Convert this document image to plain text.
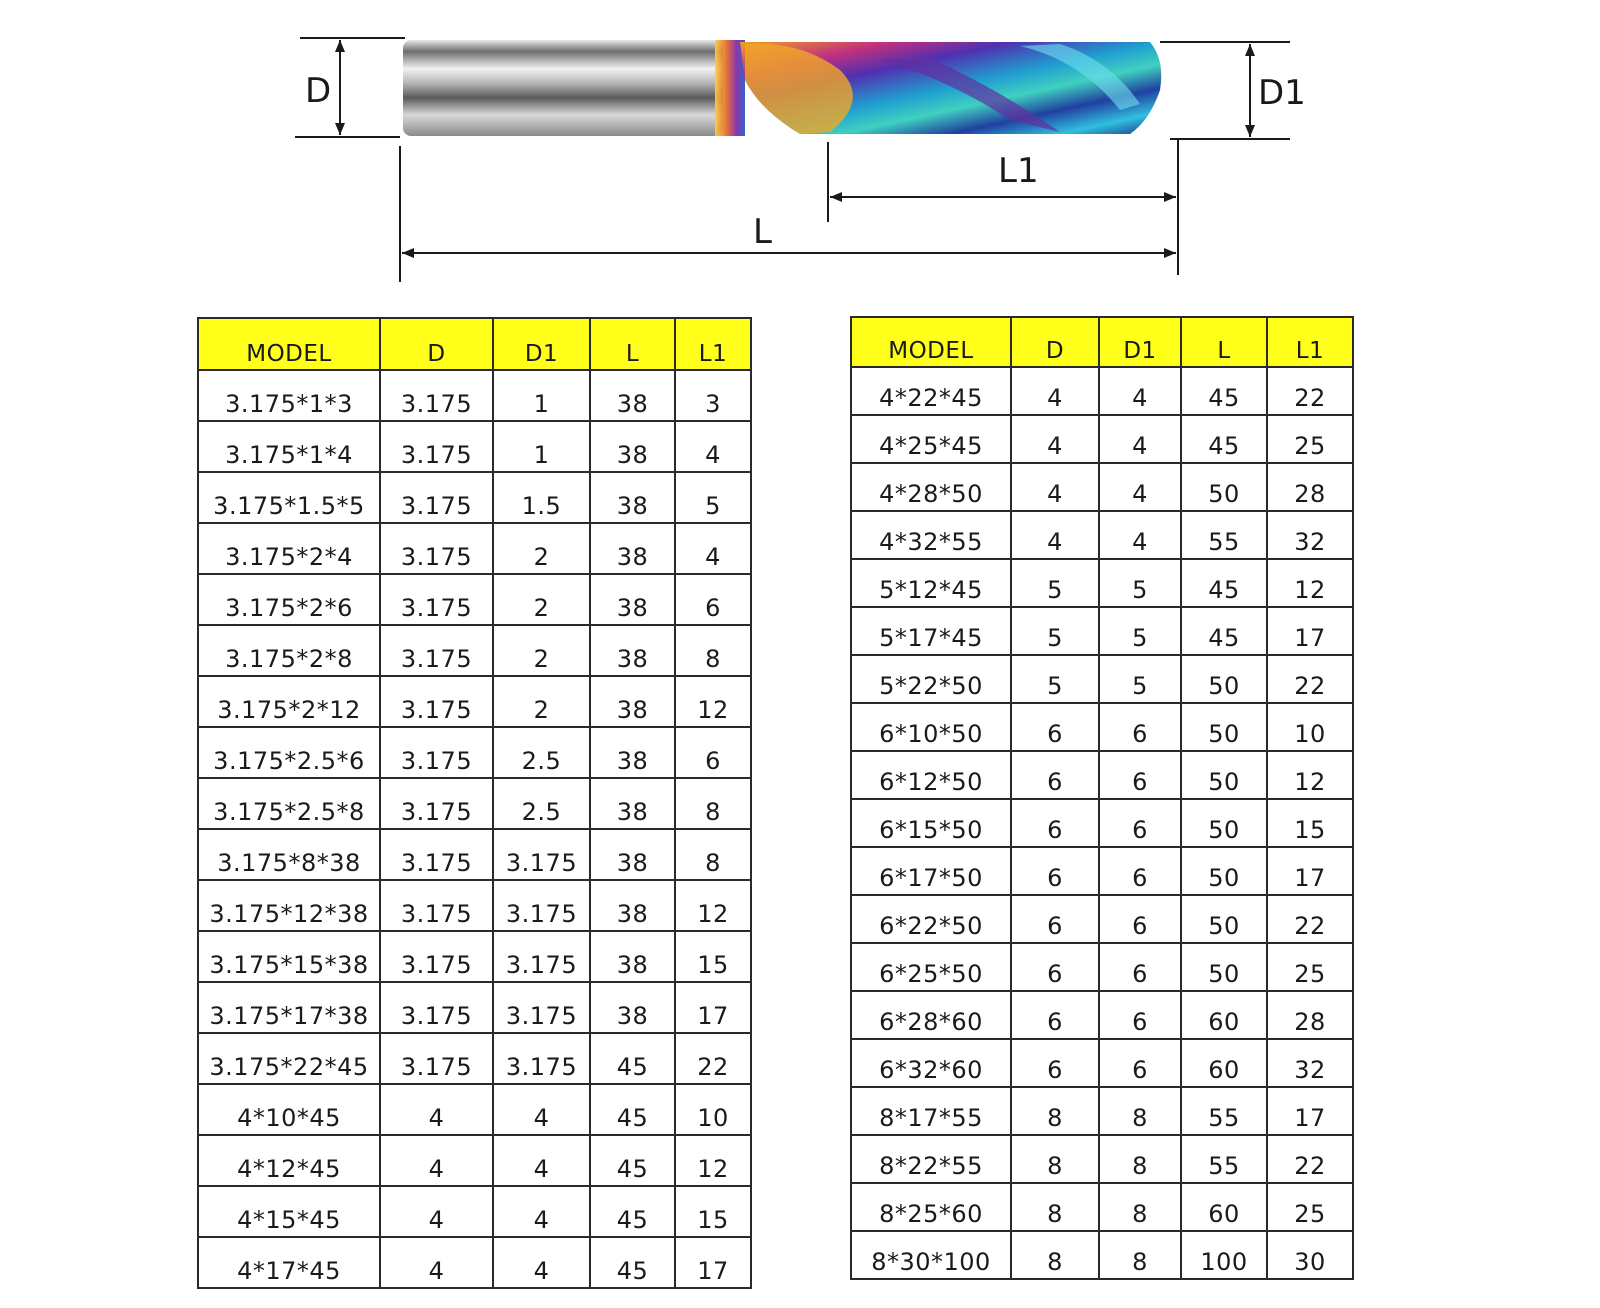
D	D1
L1
L
MODEL	D	D1	L	L1
3.175*1*3	3.175	1	38	3
3.175*1*4	3.175	1	38	4
3.175*1.5*5	3.175	1.5	38	5
3.175*2*4	3.175	2	38	4
3.175*2*6	3.175	2	38	6
3.175*2*8	3.175	2	38	8
3.175*2*12	3.175	2	38	12
3.175*2.5*6	3.175	2.5	38	6
3.175*2.5*8	3.175	2.5	38	8
3.175*8*38	3.175	3.175	38	8
3.175*12*38	3.175	3.175	38	12
3.175*15*38	3.175	3.175	38	15
3.175*17*38	3.175	3.175	38	17
3.175*22*45	3.175	3.175	45	22
4*10*45	4	4	45	10
4*12*45	4	4	45	12
4*15*45	4	4	45	15
4*17*45	4	4	45	17
MODEL	D	D1	L	L1
4*22*45	4	4	45	22
4*25*45	4	4	45	25
4*28*50	4	4	50	28
4*32*55	4	4	55	32
5*12*45	5	5	45	12
5*17*45	5	5	45	17
5*22*50	5	5	50	22
6*10*50	6	6	50	10
6*12*50	6	6	50	12
6*15*50	6	6	50	15
6*17*50	6	6	50	17
6*22*50	6	6	50	22
6*25*50	6	6	50	25
6*28*60	6	6	60	28
6*32*60	6	6	60	32
8*17*55	8	8	55	17
8*22*55	8	8	55	22
8*25*60	8	8	60	25
8*30*100	8	8	100	30
